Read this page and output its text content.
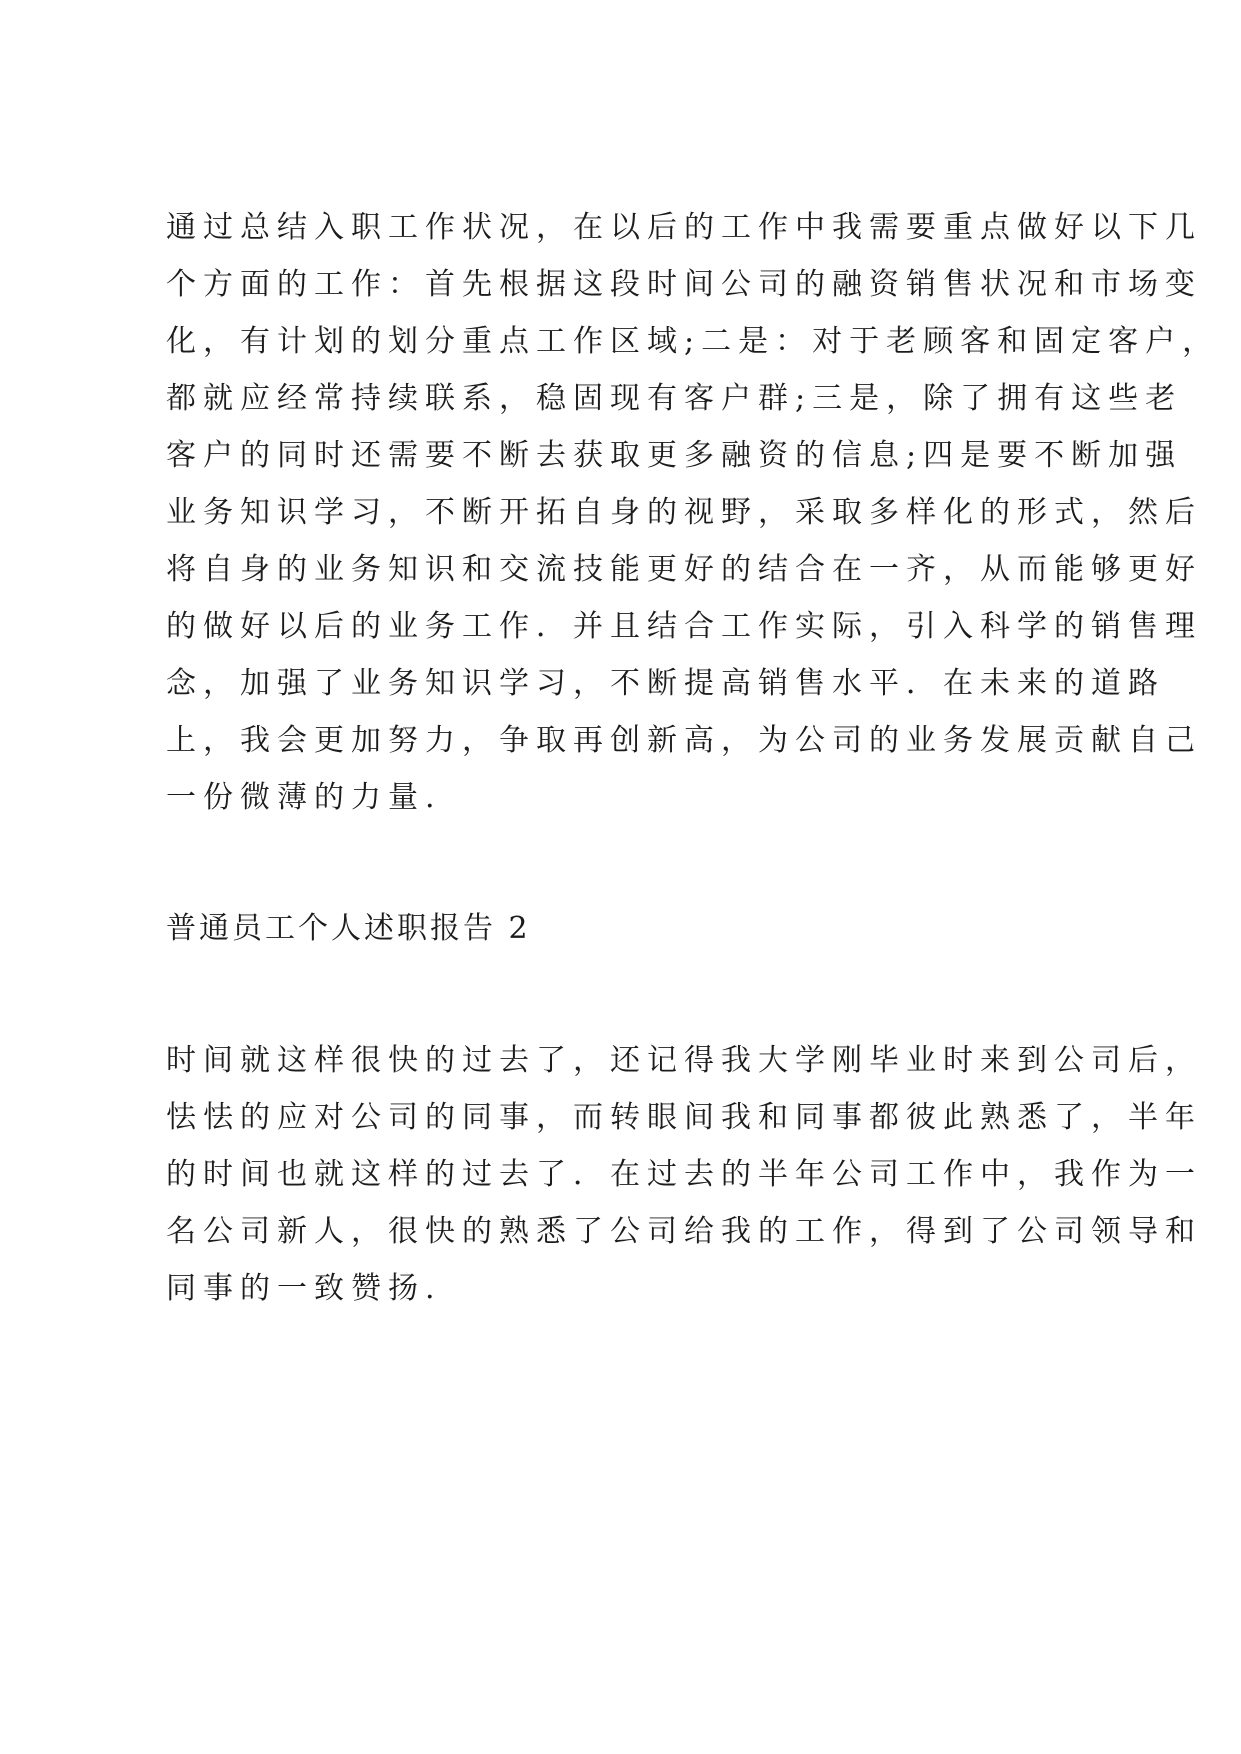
通过总结入职工作状况，在以后的工作中我需要重点做好以下几
个方面的工作：首先根据这段时间公司的融资销售状况和市场变
化，有计划的划分重点工作区域;二是：对于老顾客和固定客户，
都就应经常持续联系，稳固现有客户群;三是，除了拥有这些老
客户的同时还需要不断去获取更多融资的信息;四是要不断加强
业务知识学习，不断开拓自身的视野，采取多样化的形式，然后
将自身的业务知识和交流技能更好的结合在一齐，从而能够更好
的做好以后的业务工作．并且结合工作实际，引入科学的销售理
念，加强了业务知识学习，不断提高销售水平．在未来的道路
上，我会更加努力，争取再创新高，为公司的业务发展贡献自己
一份微薄的力量.
普通员工个人述职报告 2
时间就这样很快的过去了，还记得我大学刚毕业时来到公司后，
怯怯的应对公司的同事，而转眼间我和同事都彼此熟悉了，半年
的时间也就这样的过去了．在过去的半年公司工作中，我作为一
名公司新人，很快的熟悉了公司给我的工作，得到了公司领导和
同事的一致赞扬.
